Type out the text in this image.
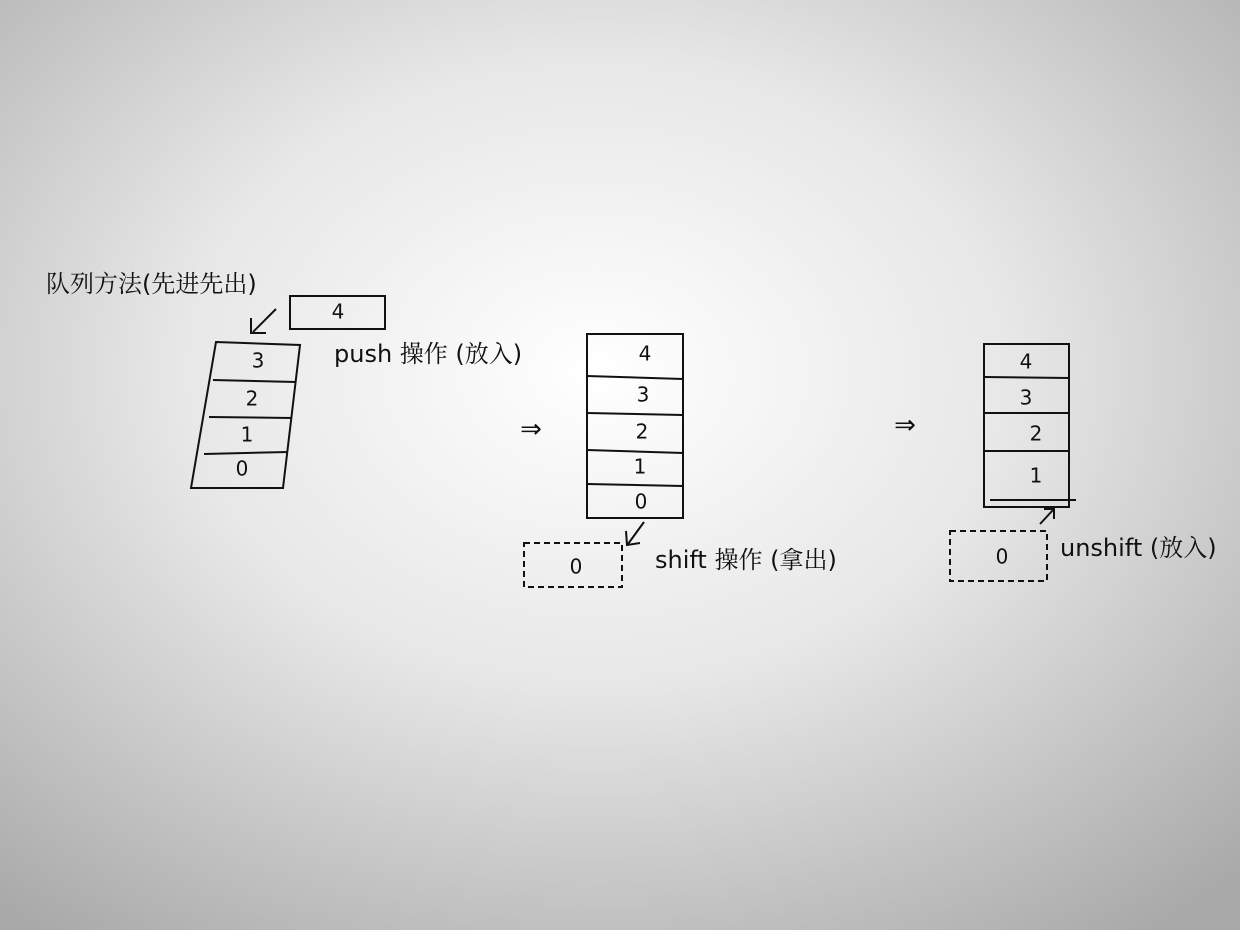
队列方法(先进先出)
4
push 操作 (放入)
3
2
1
0
⇒
4
3
2
1
0
0	shift 操作 (拿出)
⇒
4
3
2
1
0 unshift (放入)
